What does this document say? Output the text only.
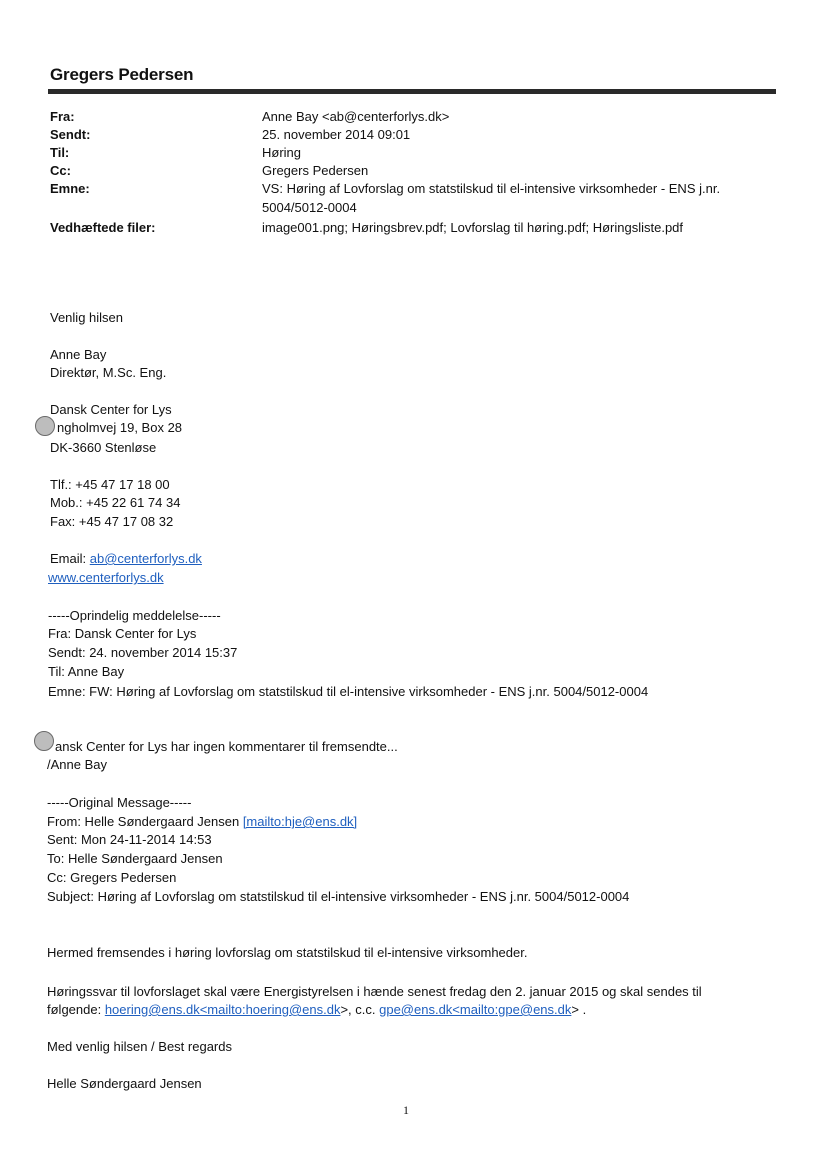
Gregers Pedersen
Fra:	Anne Bay <ab@centerforlys.dk>
Sendt:	25. november 2014 09:01
Til:	Høring
Cc:	Gregers Pedersen
Emne:	VS: Høring af Lovforslag om statstilskud til el-intensive virksomheder - ENS j.nr. 5004/5012-0004
Vedhæftede filer:	image001.png; Høringsbrev.pdf; Lovforslag til høring.pdf; Høringsliste.pdf
Venlig hilsen
Anne Bay
Direktør, M.Sc. Eng.
Dansk Center for Lys
ngholmvej 19, Box 28
DK-3660 Stenløse
Tlf.: +45 47 17 18 00
Mob.: +45 22 61 74 34
Fax: +45 47 17 08 32
Email: ab@centerforlys.dk
www.centerforlys.dk
-----Oprindelig meddelelse-----
Fra: Dansk Center for Lys
Sendt: 24. november 2014 15:37
Til: Anne Bay
Emne: FW: Høring af Lovforslag om statstilskud til el-intensive virksomheder - ENS j.nr. 5004/5012-0004
ansk Center for Lys har ingen kommentarer til fremsendte...
/Anne Bay
-----Original Message-----
From: Helle Søndergaard Jensen [mailto:hje@ens.dk]
Sent: Mon 24-11-2014 14:53
To: Helle Søndergaard Jensen
Cc: Gregers Pedersen
Subject: Høring af Lovforslag om statstilskud til el-intensive virksomheder - ENS j.nr. 5004/5012-0004
Hermed fremsendes i høring lovforslag om statstilskud til el-intensive virksomheder.
Høringssvar til lovforslaget skal være Energistyrelsen i hænde senest fredag den 2. januar 2015 og skal sendes til
følgende: hoering@ens.dk<mailto:hoering@ens.dk>, c.c. gpe@ens.dk<mailto:gpe@ens.dk> .
Med venlig hilsen / Best regards
Helle Søndergaard Jensen
1
